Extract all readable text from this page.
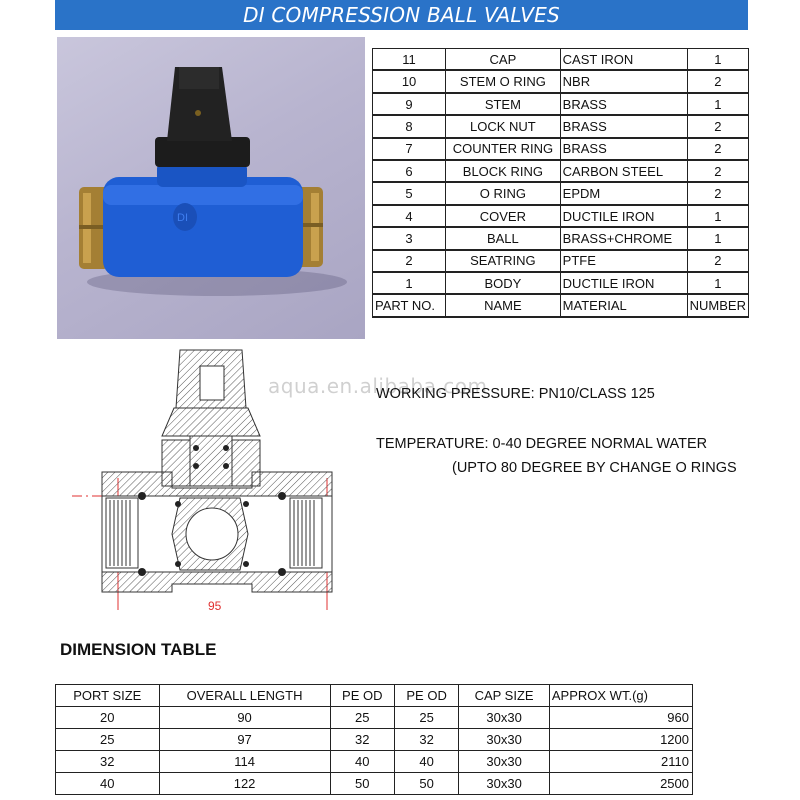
DI COMPRESSION BALL VALVES
DI
11	CAP	CAST IRON	1
10	STEM O RING	NBR	2
9	STEM	BRASS	1
8	LOCK NUT	BRASS	2
7	COUNTER RING	BRASS	2
6	BLOCK RING	CARBON STEEL	2
5	O RING	EPDM	2
4	COVER	DUCTILE IRON	1
3	BALL	BRASS+CHROME	1
2	SEATRING	PTFE	2
1	BODY	DUCTILE IRON	1
PART NO.	NAME	MATERIAL	NUMBER
95
aqua.en.alibaba.com
WORKING PRESSURE: PN10/CLASS 125
TEMPERATURE: 0-40 DEGREE NORMAL WATER
(UPTO 80 DEGREE BY CHANGE O RINGS
DIMENSION TABLE
PORT SIZE	OVERALL LENGTH	PE OD	PE OD	CAP SIZE	APPROX WT.(g)
20	90	25	25	30x30	960
25	97	32	32	30x30	1200
32	114	40	40	30x30	2110
40	122	50	50	30x30	2500
